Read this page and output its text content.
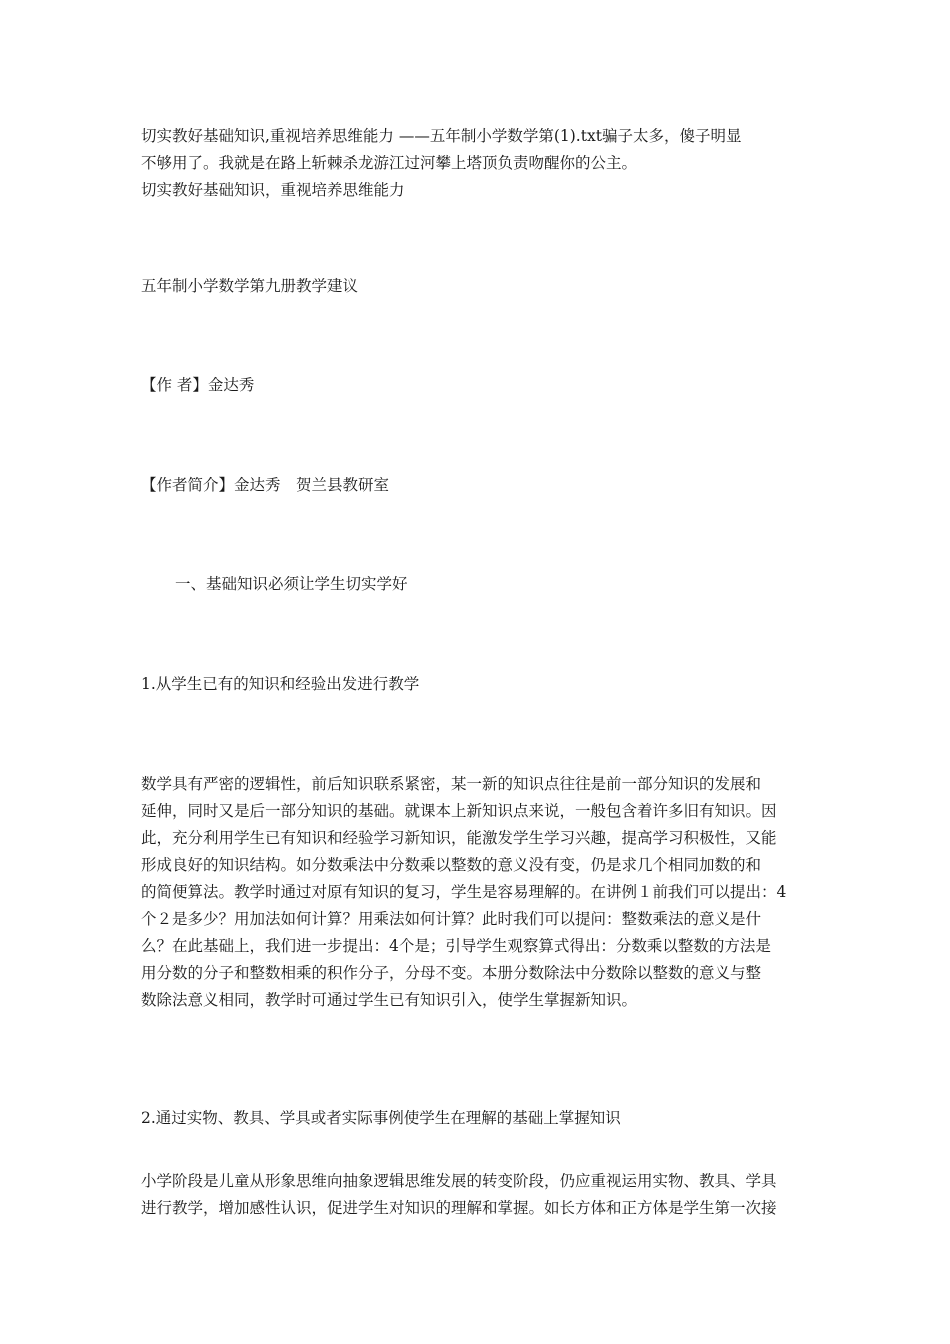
切实教好基础知识,重视培养思维能力 ——五年制小学数学第(1).txt骗子太多，傻子明显
不够用了。我就是在路上斩棘杀龙游江过河攀上塔顶负责吻醒你的公主。
切实教好基础知识，重视培养思维能力
五年制小学数学第九册教学建议
【作 者】金达秀
【作者简介】金达秀　贺兰县教研室
一、基础知识必须让学生切实学好
1.从学生已有的知识和经验出发进行教学
数学具有严密的逻辑性，前后知识联系紧密，某一新的知识点往往是前一部分知识的发展和
延伸，同时又是后一部分知识的基础。就课本上新知识点来说，一般包含着许多旧有知识。因
此，充分利用学生已有知识和经验学习新知识，能激发学生学习兴趣，提高学习积极性，又能
形成良好的知识结构。如分数乘法中分数乘以整数的意义没有变，仍是求几个相同加数的和
的简便算法。教学时通过对原有知识的复习，学生是容易理解的。在讲例１前我们可以提出：4
个２是多少？用加法如何计算？用乘法如何计算？此时我们可以提问：整数乘法的意义是什
么？在此基础上，我们进一步提出：4个是；引导学生观察算式得出：分数乘以整数的方法是
用分数的分子和整数相乘的积作分子，分母不变。本册分数除法中分数除以整数的意义与整
数除法意义相同，教学时可通过学生已有知识引入，使学生掌握新知识。
2.通过实物、教具、学具或者实际事例使学生在理解的基础上掌握知识
小学阶段是儿童从形象思维向抽象逻辑思维发展的转变阶段，仍应重视运用实物、教具、学具
进行教学，增加感性认识，促进学生对知识的理解和掌握。如长方体和正方体是学生第一次接
